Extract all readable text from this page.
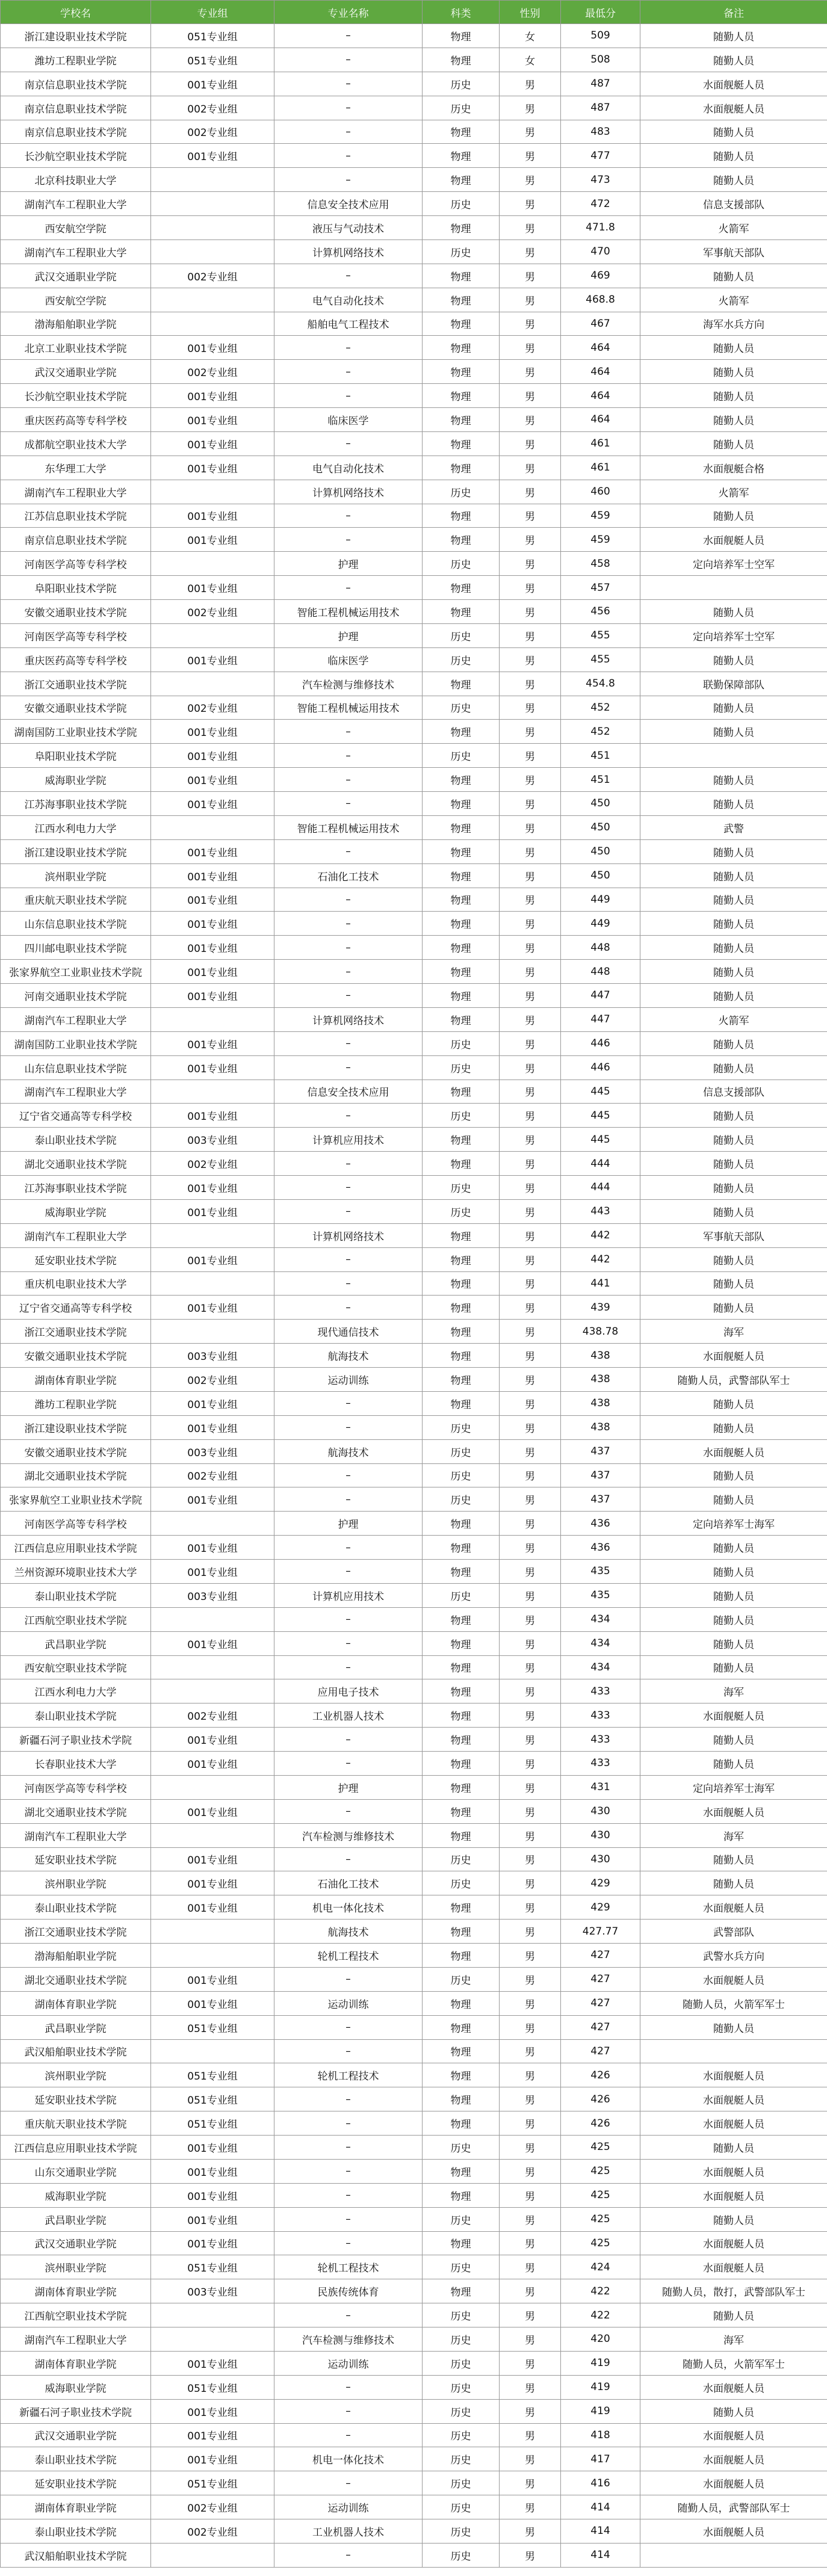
学校名	专业组	专业名称	科类	性别	最低分	备注
浙江建设职业技术学院	051专业组	–	物理	女	509	随勤人员
潍坊工程职业学院	051专业组	–	物理	女	508	随勤人员
南京信息职业技术学院	001专业组	–	历史	男	487	水面舰艇人员
南京信息职业技术学院	002专业组	–	历史	男	487	水面舰艇人员
南京信息职业技术学院	002专业组	–	物理	男	483	随勤人员
长沙航空职业技术学院	001专业组	–	物理	男	477	随勤人员
北京科技职业大学		–	物理	男	473	随勤人员
湖南汽车工程职业大学		信息安全技术应用	历史	男	472	信息支援部队
西安航空学院		液压与气动技术	物理	男	471.8	火箭军
湖南汽车工程职业大学		计算机网络技术	历史	男	470	军事航天部队
武汉交通职业学院	002专业组	–	物理	男	469	随勤人员
西安航空学院		电气自动化技术	物理	男	468.8	火箭军
渤海船舶职业学院		船舶电气工程技术	物理	男	467	海军水兵方向
北京工业职业技术学院	001专业组	–	物理	男	464	随勤人员
武汉交通职业学院	002专业组	–	物理	男	464	随勤人员
长沙航空职业技术学院	001专业组	–	物理	男	464	随勤人员
重庆医药高等专科学校	001专业组	临床医学	物理	男	464	随勤人员
成都航空职业技术大学	001专业组	–	物理	男	461	随勤人员
东华理工大学	001专业组	电气自动化技术	物理	男	461	水面舰艇合格
湖南汽车工程职业大学		计算机网络技术	历史	男	460	火箭军
江苏信息职业技术学院	001专业组	–	物理	男	459	随勤人员
南京信息职业技术学院	001专业组	–	物理	男	459	水面舰艇人员
河南医学高等专科学校		护理	历史	男	458	定向培养军士空军
阜阳职业技术学院	001专业组	–	物理	男	457	
安徽交通职业技术学院	002专业组	智能工程机械运用技术	物理	男	456	随勤人员
河南医学高等专科学校		护理	历史	男	455	定向培养军士空军
重庆医药高等专科学校	001专业组	临床医学	历史	男	455	随勤人员
浙江交通职业技术学院		汽车检测与维修技术	物理	男	454.8	联勤保障部队
安徽交通职业技术学院	002专业组	智能工程机械运用技术	历史	男	452	随勤人员
湖南国防工业职业技术学院	001专业组	–	物理	男	452	随勤人员
阜阳职业技术学院	001专业组	–	历史	男	451	
威海职业学院	001专业组	–	物理	男	451	随勤人员
江苏海事职业技术学院	001专业组	–	物理	男	450	随勤人员
江西水利电力大学		智能工程机械运用技术	物理	男	450	武警
浙江建设职业技术学院	001专业组	–	物理	男	450	随勤人员
滨州职业学院	001专业组	石油化工技术	物理	男	450	随勤人员
重庆航天职业技术学院	001专业组	–	物理	男	449	随勤人员
山东信息职业技术学院	001专业组	–	物理	男	449	随勤人员
四川邮电职业技术学院	001专业组	–	物理	男	448	随勤人员
张家界航空工业职业技术学院	001专业组	–	物理	男	448	随勤人员
河南交通职业技术学院	001专业组	–	物理	男	447	随勤人员
湖南汽车工程职业大学		计算机网络技术	物理	男	447	火箭军
湖南国防工业职业技术学院	001专业组	–	历史	男	446	随勤人员
山东信息职业技术学院	001专业组	–	历史	男	446	随勤人员
湖南汽车工程职业大学		信息安全技术应用	物理	男	445	信息支援部队
辽宁省交通高等专科学校	001专业组	–	历史	男	445	随勤人员
泰山职业技术学院	003专业组	计算机应用技术	物理	男	445	随勤人员
湖北交通职业技术学院	002专业组	–	物理	男	444	随勤人员
江苏海事职业技术学院	001专业组	–	历史	男	444	随勤人员
威海职业学院	001专业组	–	历史	男	443	随勤人员
湖南汽车工程职业大学		计算机网络技术	物理	男	442	军事航天部队
延安职业技术学院	001专业组	–	物理	男	442	随勤人员
重庆机电职业技术大学		–	物理	男	441	随勤人员
辽宁省交通高等专科学校	001专业组	–	物理	男	439	随勤人员
浙江交通职业技术学院		现代通信技术	物理	男	438.78	海军
安徽交通职业技术学院	003专业组	航海技术	物理	男	438	水面舰艇人员
湖南体育职业学院	002专业组	运动训练	物理	男	438	随勤人员，武警部队军士
潍坊工程职业学院	001专业组	–	物理	男	438	随勤人员
浙江建设职业技术学院	001专业组	–	历史	男	438	随勤人员
安徽交通职业技术学院	003专业组	航海技术	历史	男	437	水面舰艇人员
湖北交通职业技术学院	002专业组	–	历史	男	437	随勤人员
张家界航空工业职业技术学院	001专业组	–	历史	男	437	随勤人员
河南医学高等专科学校		护理	物理	男	436	定向培养军士海军
江西信息应用职业技术学院	001专业组	–	物理	男	436	随勤人员
兰州资源环境职业技术大学	001专业组	–	物理	男	435	随勤人员
泰山职业技术学院	003专业组	计算机应用技术	历史	男	435	随勤人员
江西航空职业技术学院		–	物理	男	434	随勤人员
武昌职业学院	001专业组	–	物理	男	434	随勤人员
西安航空职业技术学院		–	物理	男	434	随勤人员
江西水利电力大学		应用电子技术	物理	男	433	海军
泰山职业技术学院	002专业组	工业机器人技术	物理	男	433	水面舰艇人员
新疆石河子职业技术学院	001专业组	–	物理	男	433	随勤人员
长春职业技术大学	001专业组	–	物理	男	433	随勤人员
河南医学高等专科学校		护理	物理	男	431	定向培养军士海军
湖北交通职业技术学院	001专业组	–	物理	男	430	水面舰艇人员
湖南汽车工程职业大学		汽车检测与维修技术	物理	男	430	海军
延安职业技术学院	001专业组	–	历史	男	430	随勤人员
滨州职业学院	001专业组	石油化工技术	历史	男	429	随勤人员
泰山职业技术学院	001专业组	机电一体化技术	物理	男	429	水面舰艇人员
浙江交通职业技术学院		航海技术	物理	男	427.77	武警部队
渤海船舶职业学院		轮机工程技术	物理	男	427	武警水兵方向
湖北交通职业技术学院	001专业组	–	历史	男	427	水面舰艇人员
湖南体育职业学院	001专业组	运动训练	物理	男	427	随勤人员，火箭军军士
武昌职业学院	051专业组	–	物理	男	427	随勤人员
武汉船舶职业技术学院		–	物理	男	427	
滨州职业学院	051专业组	轮机工程技术	物理	男	426	水面舰艇人员
延安职业技术学院	051专业组	–	物理	男	426	水面舰艇人员
重庆航天职业技术学院	051专业组	–	物理	男	426	水面舰艇人员
江西信息应用职业技术学院	001专业组	–	历史	男	425	随勤人员
山东交通职业学院	001专业组	–	物理	男	425	水面舰艇人员
威海职业学院	001专业组	–	物理	男	425	水面舰艇人员
武昌职业学院	001专业组	–	历史	男	425	随勤人员
武汉交通职业学院	001专业组	–	物理	男	425	水面舰艇人员
滨州职业学院	051专业组	轮机工程技术	历史	男	424	水面舰艇人员
湖南体育职业学院	003专业组	民族传统体育	物理	男	422	随勤人员，散打，武警部队军士
江西航空职业技术学院		–	历史	男	422	随勤人员
湖南汽车工程职业大学		汽车检测与维修技术	历史	男	420	海军
湖南体育职业学院	001专业组	运动训练	历史	男	419	随勤人员，火箭军军士
威海职业学院	051专业组	–	历史	男	419	水面舰艇人员
新疆石河子职业技术学院	001专业组	–	历史	男	419	随勤人员
武汉交通职业学院	001专业组	–	历史	男	418	水面舰艇人员
泰山职业技术学院	001专业组	机电一体化技术	历史	男	417	水面舰艇人员
延安职业技术学院	051专业组	–	历史	男	416	水面舰艇人员
湖南体育职业学院	002专业组	运动训练	历史	男	414	随勤人员，武警部队军士
泰山职业技术学院	002专业组	工业机器人技术	历史	男	414	水面舰艇人员
武汉船舶职业技术学院		–	历史	男	414	
